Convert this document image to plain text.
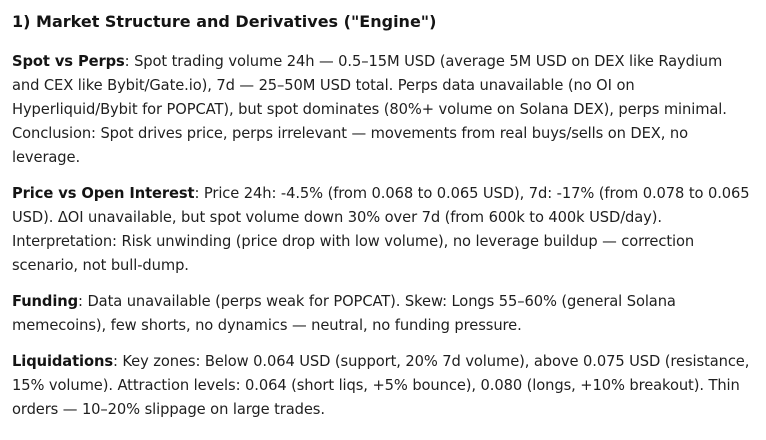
1) Market Structure and Derivatives ("Engine")

Spot vs Perps: Spot trading volume 24h — 0.5–15M USD (average 5M USD on DEX like Raydium and CEX like Bybit/Gate.io), 7d — 25–50M USD total. Perps data unavailable (no OI on Hyperliquid/Bybit for POPCAT), but spot dominates (80%+ volume on Solana DEX), perps minimal. Conclusion: Spot drives price, perps irrelevant — movements from real buys/sells on DEX, no leverage.

Price vs Open Interest: Price 24h: -4.5% (from 0.068 to 0.065 USD), 7d: -17% (from 0.078 to 0.065 USD). ΔOI unavailable, but spot volume down 30% over 7d (from 600k to 400k USD/day). Interpretation: Risk unwinding (price drop with low volume), no leverage buildup — correction scenario, not bull-dump.

Funding: Data unavailable (perps weak for POPCAT). Skew: Longs 55–60% (general Solana memecoins), few shorts, no dynamics — neutral, no funding pressure.

Liquidations: Key zones: Below 0.064 USD (support, 20% 7d volume), above 0.075 USD (resistance, 15% volume). Attraction levels: 0.064 (short liqs, +5% bounce), 0.080 (longs, +10% breakout). Thin orders — 10–20% slippage on large trades.
